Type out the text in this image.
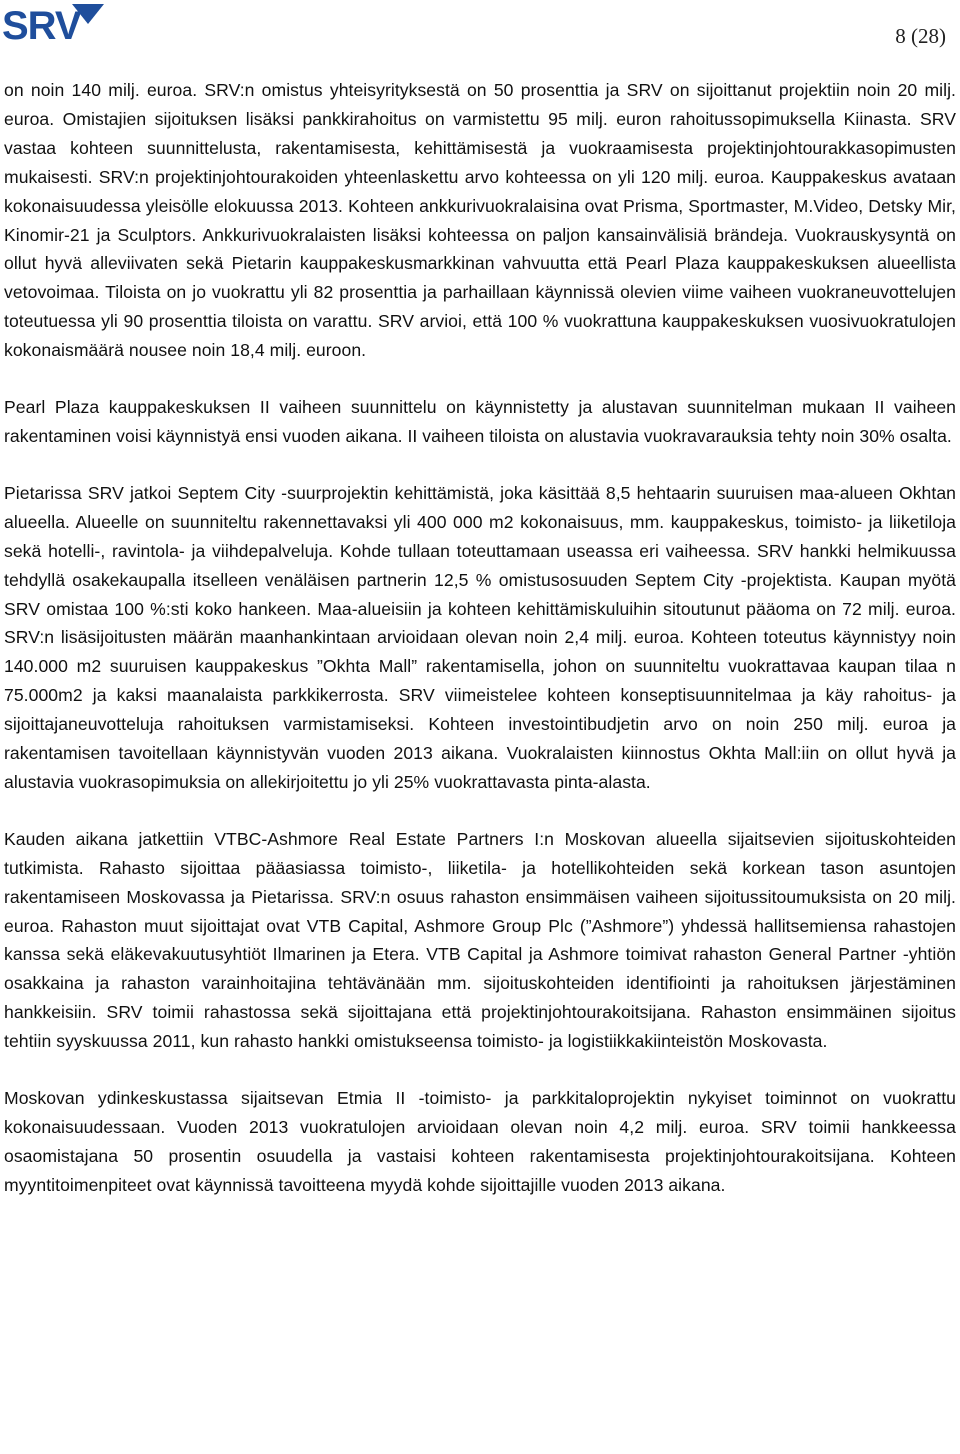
SRV	8 (28)

on noin 140 milj. euroa. SRV:n omistus yhteisyrityksestä on 50 prosenttia ja SRV on sijoittanut projektiin noin 20 milj. euroa. Omistajien sijoituksen lisäksi pankkirahoitus on varmistettu 95 milj. euron rahoitussopimuksella Kiinasta. SRV vastaa kohteen suunnittelusta, rakentamisesta, kehittämisestä ja vuokraamisesta projektinjohtourakkasopimusten mukaisesti. SRV:n projektinjohtourakoiden yhteenlaskettu arvo kohteessa on yli 120 milj. euroa. Kauppakeskus avataan kokonaisuudessa yleisölle elokuussa 2013. Kohteen ankkurivuokralaisina ovat Prisma, Sportmaster, M.Video, Detsky Mir, Kinomir-21 ja Sculptors. Ankkurivuokralaisten lisäksi kohteessa on paljon kansainvälisiä brändeja. Vuokrauskysyntä on ollut hyvä alleviivaten sekä Pietarin kauppakeskusmarkkinan vahvuutta että Pearl Plaza kauppakeskuksen alueellista vetovoimaa. Tiloista on jo vuokrattu yli 82 prosenttia ja parhaillaan käynnissä olevien viime vaiheen vuokraneuvottelujen toteutuessa yli 90 prosenttia tiloista on varattu. SRV arvioi, että 100 % vuokrattuna kauppakeskuksen vuosivuokratulojen kokonaismäärä nousee noin 18,4 milj. euroon.

Pearl Plaza kauppakeskuksen II vaiheen suunnittelu on käynnistetty ja alustavan suunnitelman mukaan II vaiheen rakentaminen voisi käynnistyä ensi vuoden aikana. II vaiheen tiloista on alustavia vuokravarauksia tehty noin 30% osalta.

Pietarissa SRV jatkoi Septem City -suurprojektin kehittämistä, joka käsittää 8,5 hehtaarin suuruisen maa-alueen Okhtan alueella. Alueelle on suunniteltu rakennettavaksi yli 400 000 m2 kokonaisuus, mm. kauppakeskus, toimisto- ja liiketiloja sekä hotelli-, ravintola- ja viihdepalveluja. Kohde tullaan toteuttamaan useassa eri vaiheessa. SRV hankki helmikuussa tehdyllä osakekaupalla itselleen venäläisen partnerin 12,5 % omistusosuuden Septem City -projektista. Kaupan myötä SRV omistaa 100 %:sti koko hankeen. Maa-alueisiin ja kohteen kehittämiskuluihin sitoutunut pääoma on 72 milj. euroa. SRV:n lisäsijoitusten määrän maanhankintaan arvioidaan olevan noin 2,4 milj. euroa. Kohteen toteutus käynnistyy noin 140.000 m2 suuruisen kauppakeskus ”Okhta Mall” rakentamisella, johon on suunniteltu vuokrattavaa kaupan tilaa n 75.000m2 ja kaksi maanalaista parkkikerrosta. SRV viimeistelee kohteen konseptisuunnitelmaa ja käy rahoitus- ja sijoittajaneuvotteluja rahoituksen varmistamiseksi. Kohteen investointibudjetin arvo on noin 250 milj. euroa ja rakentamisen tavoitellaan käynnistyvän vuoden 2013 aikana. Vuokralaisten kiinnostus Okhta Mall:iin on ollut hyvä ja alustavia vuokrasopimuksia on allekirjoitettu jo yli 25% vuokrattavasta pinta-alasta.

Kauden aikana jatkettiin VTBC-Ashmore Real Estate Partners I:n Moskovan alueella sijaitsevien sijoituskohteiden tutkimista. Rahasto sijoittaa pääasiassa toimisto-, liiketila- ja hotellikohteiden sekä korkean tason asuntojen rakentamiseen Moskovassa ja Pietarissa. SRV:n osuus rahaston ensimmäisen vaiheen sijoitussitoumuksista on 20 milj. euroa. Rahaston muut sijoittajat ovat VTB Capital, Ashmore Group Plc (”Ashmore”) yhdessä hallitsemiensa rahastojen kanssa sekä eläkevakuutusyhtiöt Ilmarinen ja Etera. VTB Capital ja Ashmore toimivat rahaston General Partner -yhtiön osakkaina ja rahaston varainhoitajina tehtävänään mm. sijoituskohteiden identifiointi ja rahoituksen järjestäminen hankkeisiin. SRV toimii rahastossa sekä sijoittajana että projektinjohtourakoitsijana. Rahaston ensimmäinen sijoitus tehtiin syyskuussa 2011, kun rahasto hankki omistukseensa toimisto- ja logistiikkakiinteistön Moskovasta.

Moskovan ydinkeskustassa sijaitsevan Etmia II -toimisto- ja parkkitaloprojektin nykyiset toiminnot on vuokrattu kokonaisuudessaan. Vuoden 2013 vuokratulojen arvioidaan olevan noin 4,2 milj. euroa. SRV toimii hankkeessa osaomistajana 50 prosentin osuudella ja vastaisi kohteen rakentamisesta projektinjohtourakoitsijana. Kohteen myyntitoimenpiteet ovat käynnissä tavoitteena myydä kohde sijoittajille vuoden 2013 aikana.
